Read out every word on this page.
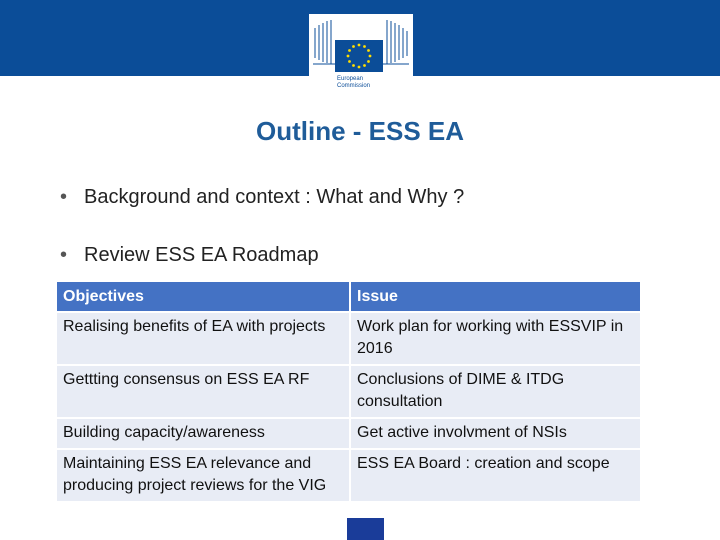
European
Commission
Outline - ESS EA
• Background and context : What and Why ?
• Review ESS EA Roadmap
Objectives	Issue
Realising benefits of EA with projects	Work plan for working with ESSVIP in 2016
Gettting consensus on ESS EA RF	Conclusions of DIME & ITDG consultation
Building capacity/awareness	Get active involvment of NSIs
Maintaining ESS EA relevance and producing project reviews for the VIG	ESS EA Board : creation and scope
